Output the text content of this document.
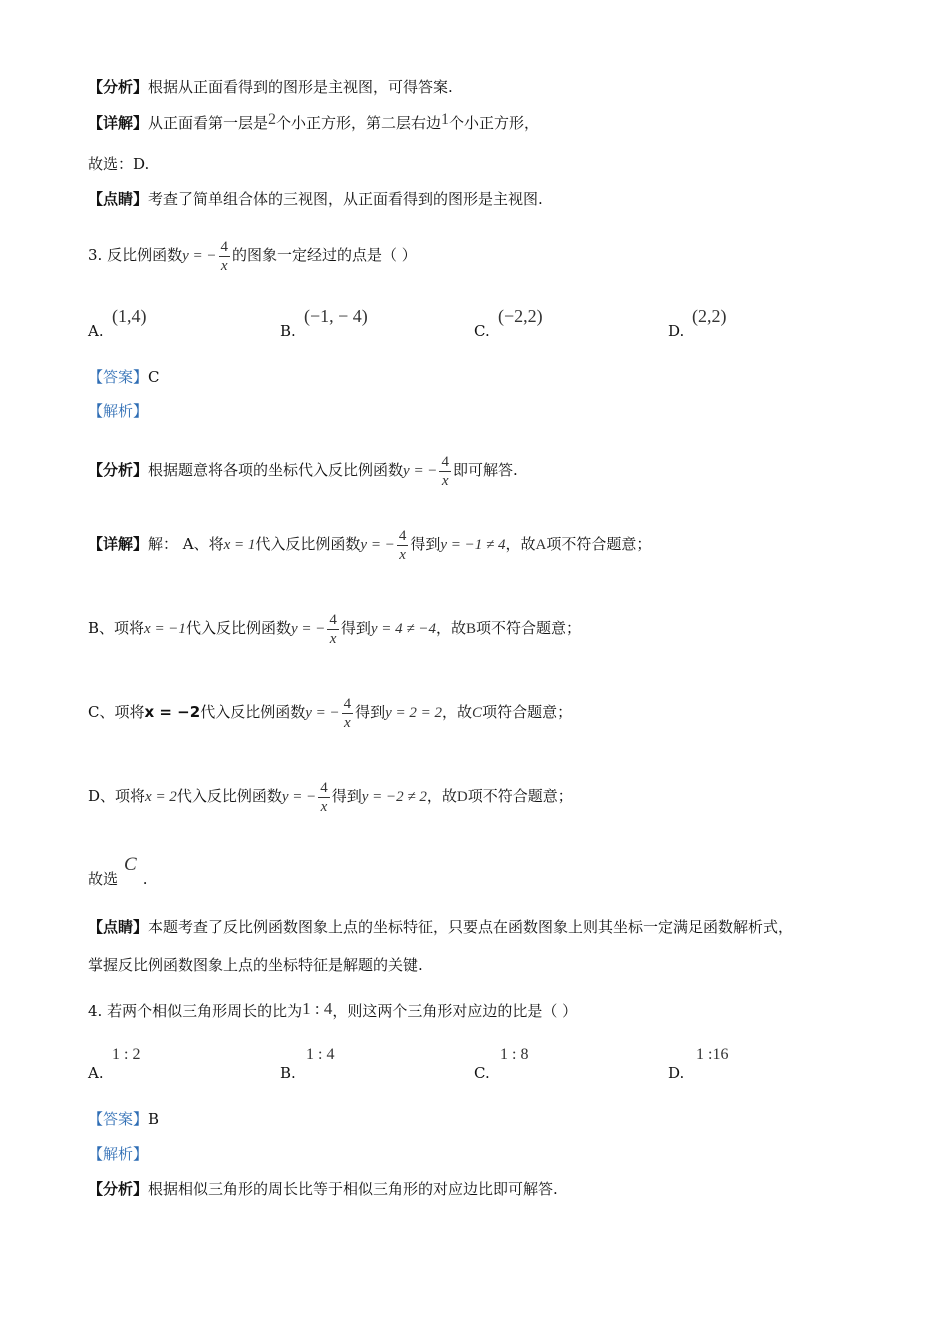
【分析】根据从正面看得到的图形是主视图，可得答案.
【详解】从正面看第一层是2个小正方形，第二层右边1个小正方形，
故选：D.
【点睛】考查了简单组合体的三视图，从正面看得到的图形是主视图.
3. 反比例函数y = − $\frac{4}{x}$ 的图象一定经过的点是（ ）
A.
(1,4)
B.
(−1, − 4)
C.
(−2,2)
D.
(2,2)
【答案】C
【解析】
【分析】根据题意将各项的坐标代入反比例函数y = − $\frac{4}{x}$ 即可解答.
【详解】解： A、将x = 1代入反比例函数y = − $\frac{4}{x}$ 得到y = −1 ≠ 4，故A项不符合题意；
B、项将x = −1代入反比例函数y = − $\frac{4}{x}$ 得到y = 4 ≠ −4，故B项不符合题意；
C、项将x = −2代入反比例函数y = − $\frac{4}{x}$ 得到y = 2 = 2，故C项符合题意；
D、项将x = 2代入反比例函数y = − $\frac{4}{x}$ 得到y = −2 ≠ 2，故D项不符合题意；
故选C.
【点睛】本题考查了反比例函数图象上点的坐标特征，只要点在函数图象上则其坐标一定满足函数解析式，
掌握反比例函数图象上点的坐标特征是解题的关键.
4. 若两个相似三角形周长的比为1 : 4，则这两个三角形对应边的比是（ ）
A.
1 : 2
B.
1 : 4
C.
1 : 8
D.
1 :16
【答案】B
【解析】
【分析】根据相似三角形的周长比等于相似三角形的对应边比即可解答.
